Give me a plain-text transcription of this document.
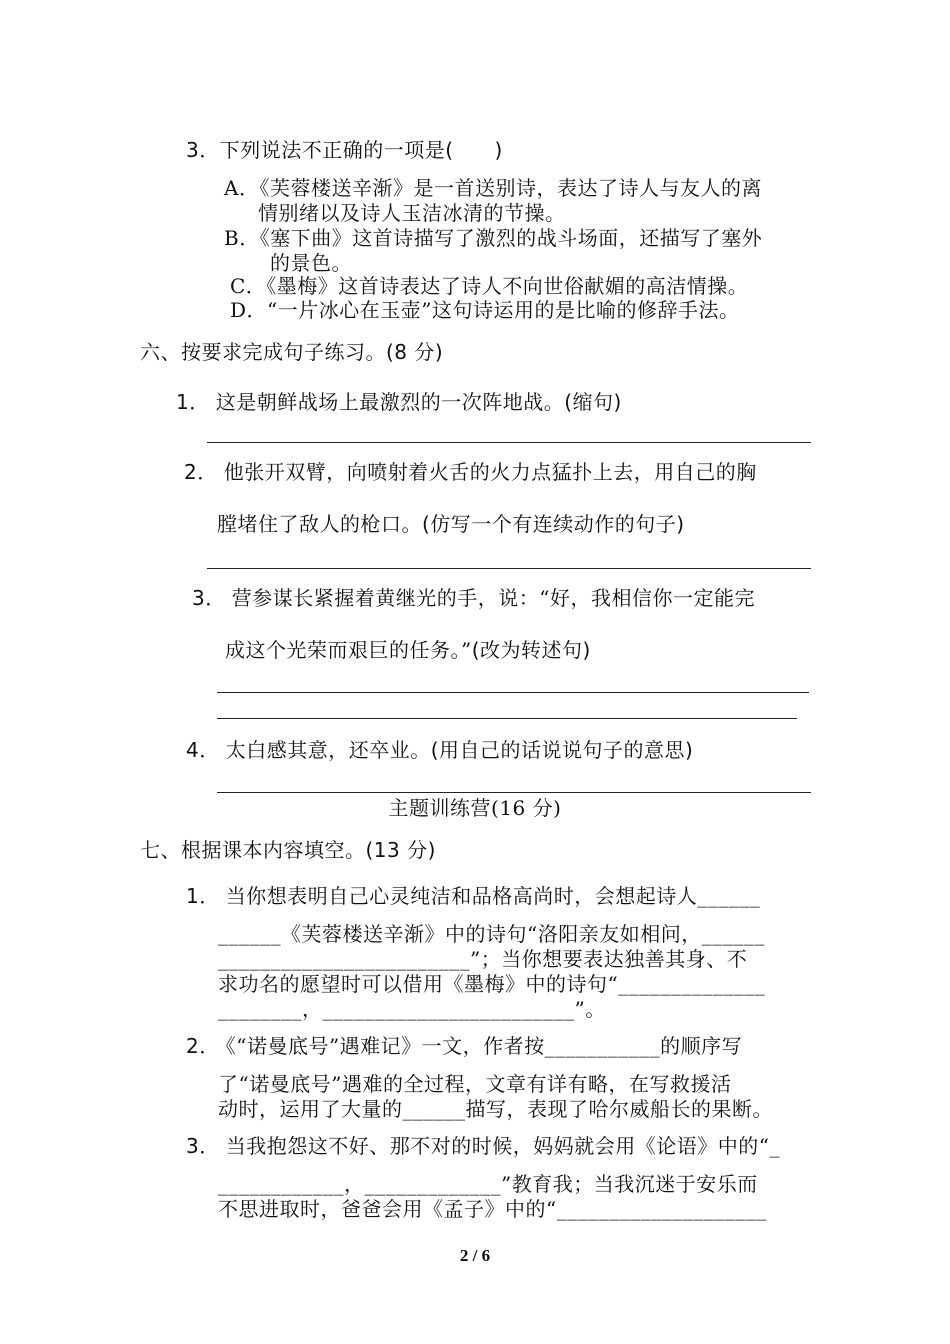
3．下列说法不正确的一项是(　　)
A．《芙蓉楼送辛渐》是一首送别诗，表达了诗人与友人的离
情别绪以及诗人玉洁冰清的节操。
B．《塞下曲》这首诗描写了激烈的战斗场面，还描写了塞外
的景色。
C．《墨梅》这首诗表达了诗人不向世俗献媚的高洁情操。
D．“一片冰心在玉壶”这句诗运用的是比喻的修辞手法。
六、按要求完成句子练习。(8 分)
1． 这是朝鲜战场上最激烈的一次阵地战。(缩句)
2． 他张开双臂，向喷射着火舌的火力点猛扑上去，用自己的胸
膛堵住了敌人的枪口。(仿写一个有连续动作的句子)
3． 营参谋长紧握着黄继光的手，说：“好，我相信你一定能完
成这个光荣而艰巨的任务。”(改为转述句)
4． 太白感其意，还卒业。(用自己的话说说句子的意思)
主题训练营(16 分)
七、根据课本内容填空。(13 分)
1． 当你想表明自己心灵纯洁和品格高尚时，会想起诗人______
______《芙蓉楼送辛渐》中的诗句“洛阳亲友如相问，______
________________________”；当你想要表达独善其身、不
求功名的愿望时可以借用《墨梅》中的诗句“______________
________，________________________”。
2． 《“诺曼底号”遇难记》一文，作者按___________的顺序写
了“诺曼底号”遇难的全过程，文章有详有略，在写救援活
动时，运用了大量的______描写，表现了哈尔威船长的果断。
3． 当我抱怨这不好、那不对的时候，妈妈就会用《论语》中的“_
____________，_____________”教育我；当我沉迷于安乐而
不思进取时，爸爸会用《孟子》中的“____________________
2 / 6
